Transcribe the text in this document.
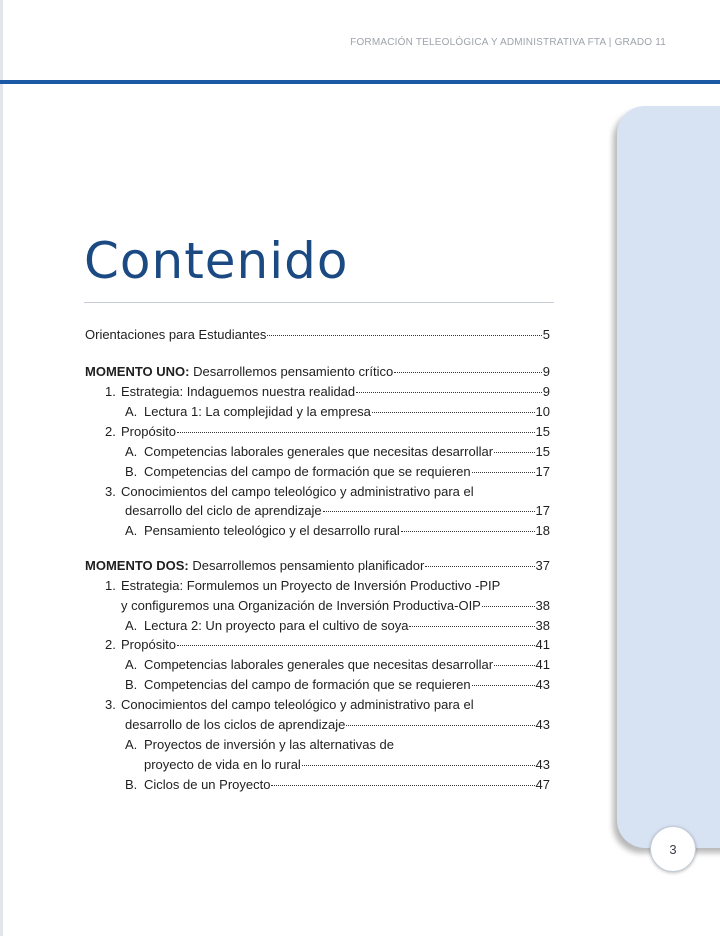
FORMACIÓN TELEOLÓGICA Y ADMINISTRATIVA FTA | GRADO 11
3
Contenido
Orientaciones para Estudiantes	5
MOMENTO UNO: Desarrollemos pensamiento crítico	9
1. Estrategia: Indaguemos nuestra realidad	9
A. Lectura 1: La complejidad y la empresa	10
2. Propósito	15
A. Competencias laborales generales que necesitas desarrollar	15
B. Competencias del campo de formación que se requieren	17
3. Conocimientos del campo teleológico y administrativo para el
desarrollo del ciclo de aprendizaje	17
A. Pensamiento teleológico y el desarrollo rural	18
MOMENTO DOS: Desarrollemos pensamiento planificador	37
1. Estrategia: Formulemos un Proyecto de Inversión Productivo -PIP
y configuremos una Organización de Inversión Productiva-OIP	38
A. Lectura 2: Un proyecto para el cultivo de soya	38
2. Propósito	41
A. Competencias laborales generales que necesitas desarrollar	41
B. Competencias del campo de formación que se requieren	43
3. Conocimientos del campo teleológico y administrativo para el
desarrollo de los ciclos de aprendizaje	43
A. Proyectos de inversión y las alternativas de
proyecto de vida en lo rural	43
B. Ciclos de un Proyecto	47
